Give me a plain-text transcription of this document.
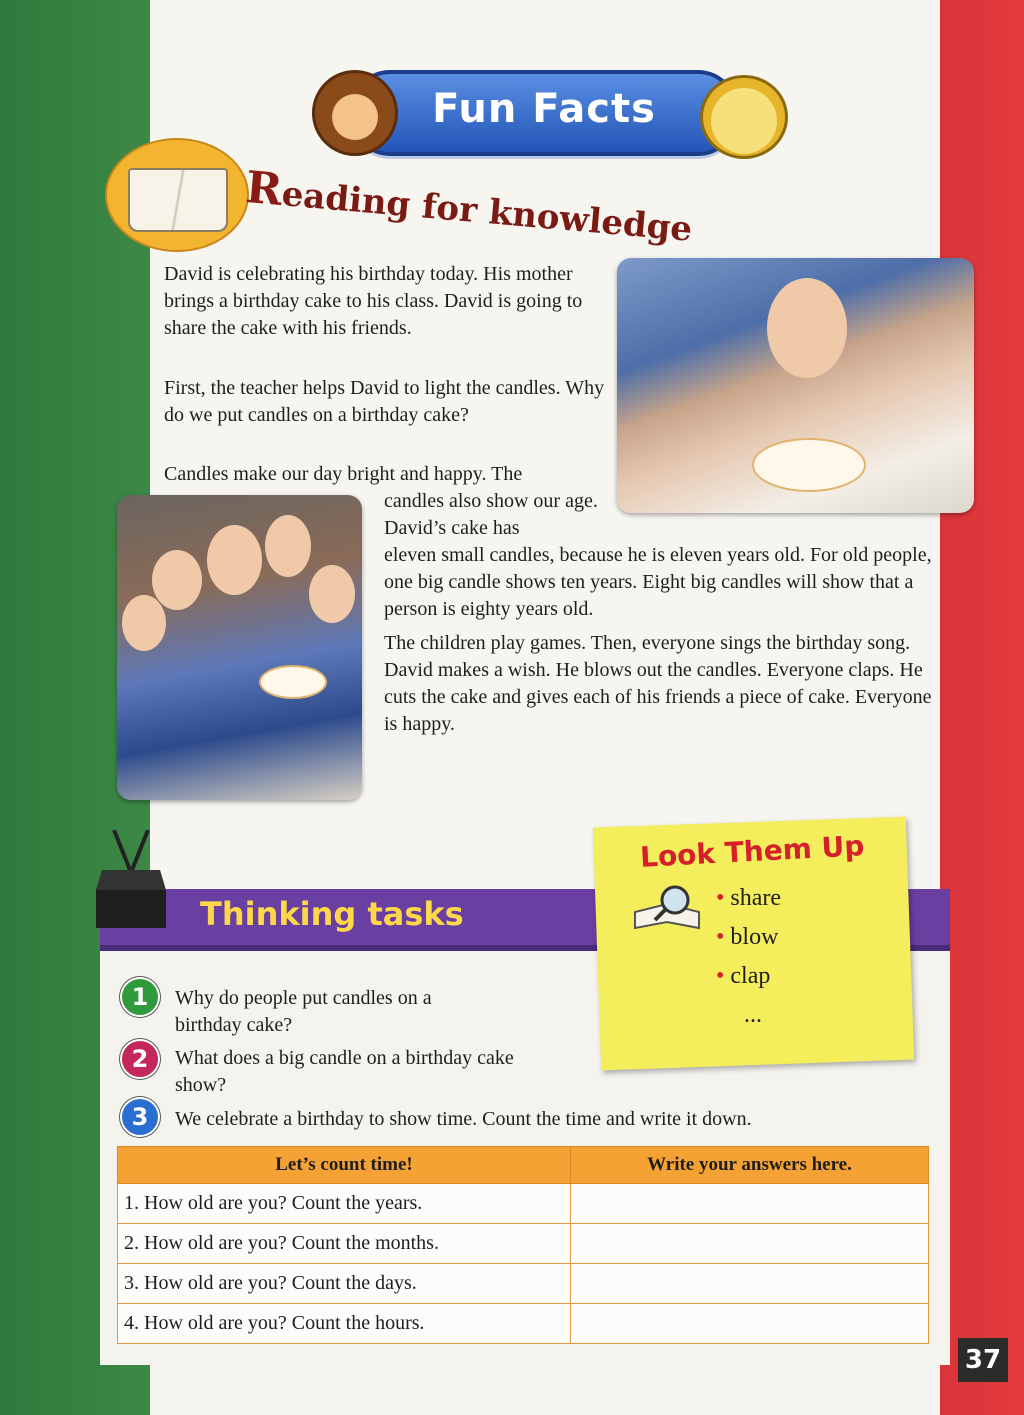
Fun Facts
Reading for knowledge

David is celebrating his birthday today. His mother brings a birthday cake to his class. David is going to share the cake with his friends.

First, the teacher helps David to light the candles. Why do we put candles on a birthday cake?

Candles make our day bright and happy. The

candles also show our age. David’s cake has

eleven small candles, because he is eleven years old. For old people, one big candle shows ten years. Eight big candles will show that a person is eighty years old.

The children play games. Then, everyone sings the birthday song. David makes a wish. He blows out the candles. Everyone claps. He cuts the cake and gives each of his friends a piece of cake. Everyone is happy.

Thinking tasks
Look Them Up
• share
• blow
• clap
...
1	Why do people put candles on a birthday cake?
2	What does a big candle on a birthday cake show?
3	We celebrate a birthday to show time. Count the time and write it down.
Let’s count time!	Write your answers here.
1. How old are you? Count the years.	
2. How old are you? Count the months.	
3. How old are you? Count the days.	
4. How old are you? Count the hours.	
37
